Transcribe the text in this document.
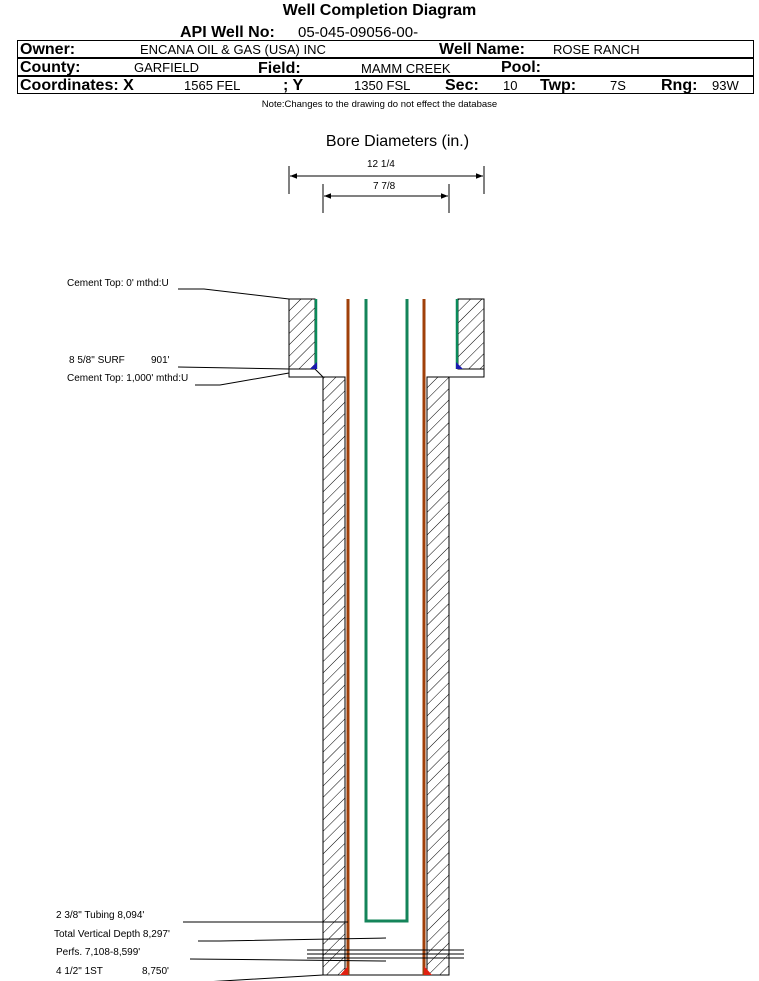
Well Completion Diagram
API Well No: 05-045-09056-00-
Owner:	ENCANA OIL & GAS (USA) INC	Well Name: ROSE RANCH
County:	GARFIELD	Field:	MAMM CREEK	Pool:
Coordinates: X	1565 FEL	; Y	1350 FSL Sec: 10 Twp:	7S Rng: 93W
Note:Changes to the drawing do not effect the database
Bore Diameters (in.)
12 1/4
7 7/8
Cement Top: 0' mthd:U
8 5/8" SURF	901'
Cement Top: 1,000' mthd:U
2 3/8" Tubing 8,094'
Total Vertical Depth 8,297'
Perfs. 7,108-8,599'
4 1/2" 1ST	8,750'
